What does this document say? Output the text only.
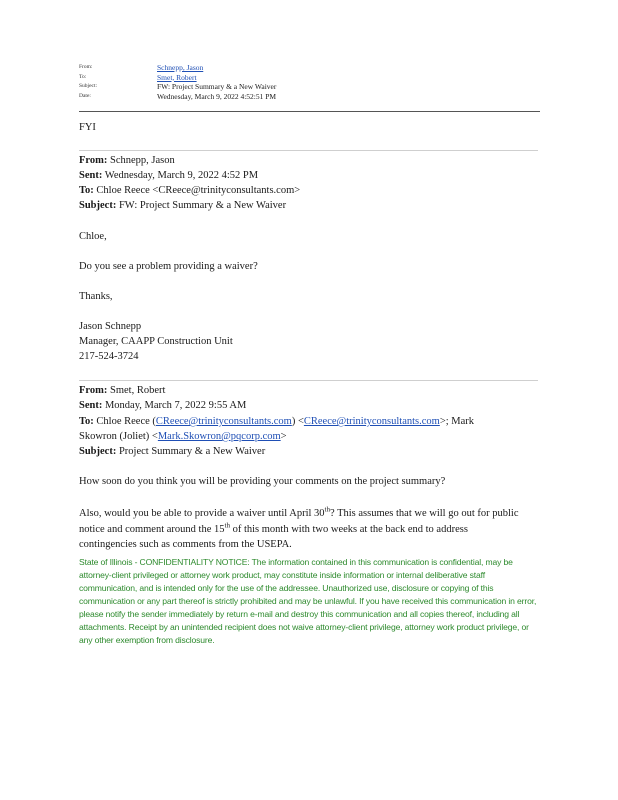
From:	Schnepp, Jason
To:	Smet, Robert
Subject:	FW: Project Summary & a New Waiver
Date:	Wednesday, March 9, 2022 4:52:51 PM
FYI
From: Schnepp, Jason
Sent: Wednesday, March 9, 2022 4:52 PM
To: Chloe Reece <CReece@trinityconsultants.com>
Subject: FW: Project Summary & a New Waiver
Chloe,
Do you see a problem providing a waiver?
Thanks,
Jason Schnepp
Manager, CAAPP Construction Unit
217-524-3724
From: Smet, Robert
Sent: Monday, March 7, 2022 9:55 AM
To: Chloe Reece (CReece@trinityconsultants.com) <CReece@trinityconsultants.com>; Mark
Skowron (Joliet) <Mark.Skowron@pqcorp.com>
Subject: Project Summary & a New Waiver
How soon do you think you will be providing your comments on the project summary?
Also, would you be able to provide a waiver until April 30th? This assumes that we will go out for public notice and comment around the 15th of this month with two weeks at the back end to address contingencies such as comments from the USEPA.
State of Illinois - CONFIDENTIALITY NOTICE: The information contained in this communication is confidential, may be attorney-client privileged or attorney work product, may constitute inside information or internal deliberative staff communication, and is intended only for the use of the addressee. Unauthorized use, disclosure or copying of this communication or any part thereof is strictly prohibited and may be unlawful. If you have received this communication in error, please notify the sender immediately by return e-mail and destroy this communication and all copies thereof, including all attachments. Receipt by an unintended recipient does not waive attorney-client privilege, attorney work product privilege, or any other exemption from disclosure.
